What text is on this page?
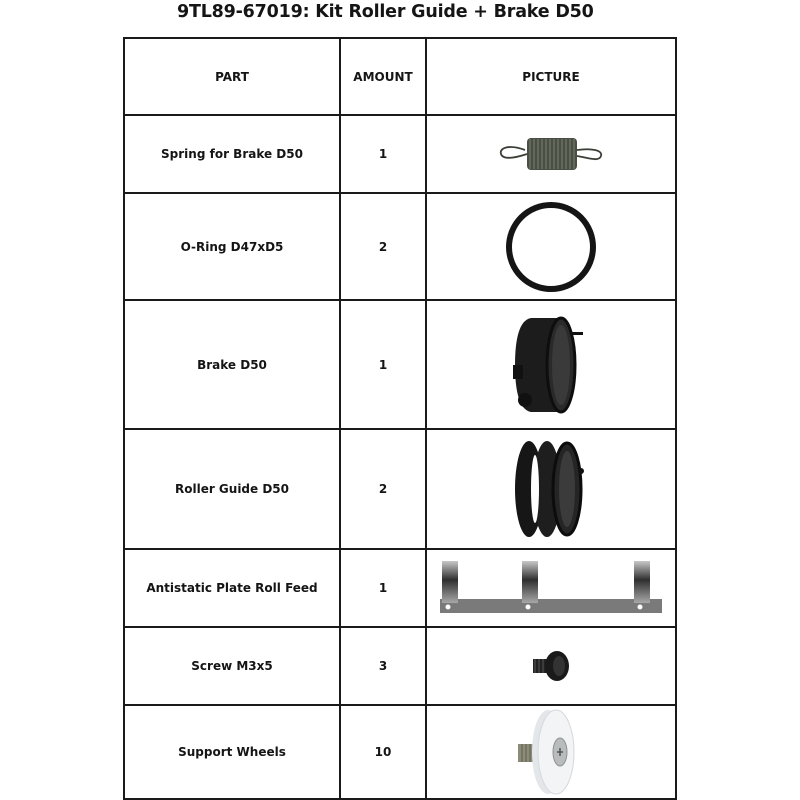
9TL89-67019: Kit Roller Guide + Brake D50
PART	AMOUNT	PICTURE
Spring for Brake D50	1	

O-Ring D47xD5	2	

Brake D50	1	

Roller Guide D50	2	

Antistatic Plate Roll Feed	1	

Screw M3x5	3	

Support Wheels	10	
